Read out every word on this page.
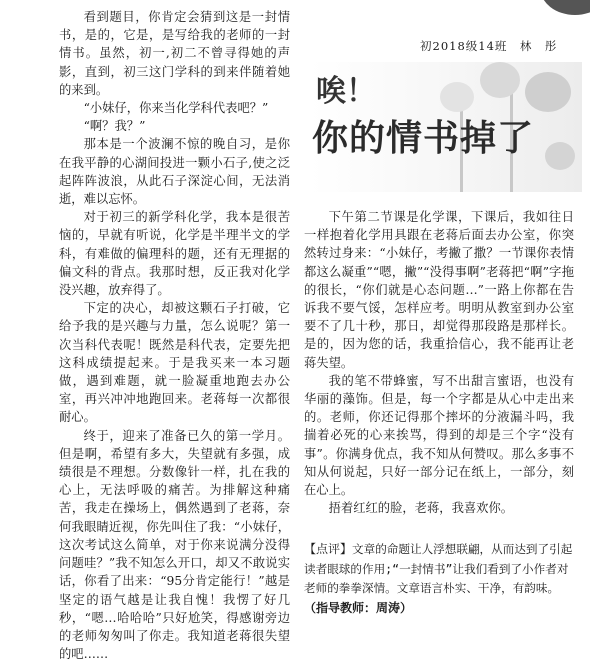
看到题目，你肯定会猜到这是一封情书，是的，它是，是写给我的老师的一封情书。虽然，初一,初二不曾寻得她的声影，直到，初三这门学科的到来伴随着她的来到。

“小妹仔，你来当化学科代表吧？”

“啊？我？”

那本是一个波澜不惊的晚自习，是你在我平静的心湖间投进一颗小石子,使之泛起阵阵波浪，从此石子深淀心间，无法消逝，难以忘怀。

对于初三的新学科化学，我本是很苦恼的，早就有听说，化学是半理半文的学科，有难做的偏理科的题，还有无理据的偏文科的背点。我那时想，反正我对化学没兴趣，放弃得了。

下定的决心，却被这颗石子打破，它给予我的是兴趣与力量，怎么说呢？第一次当科代表呢！既然是科代表，定要先把这科成绩提起来。于是我买来一本习题做，遇到难题，就一脸凝重地跑去办公室，再兴冲冲地跑回来。老蒋每一次都很耐心。

终于，迎来了准备已久的第一学月。但是啊，希望有多大，失望就有多强，成绩很是不理想。分数像针一样，扎在我的心上，无法呼吸的痛苦。为排解这种痛苦，我走在操场上，偶然遇到了老蒋，奈何我眼睛近视，你先叫住了我：“小妹仔，这次考试这么简单，对于你来说满分没得问题哇？”我不知怎么开口，却又不敢说实话，你看了出来：“95分肯定能行！”越是坚定的语气越是让我自愧！我愣了好几秒，“嗯…哈哈哈”只好尬笑，得感谢旁边的老师匆匆叫了你走。我知道老蒋很失望的吧……

初2018级14班　林　彤
唉！
你的情书掉了

下午第二节课是化学课，下课后，我如往日一样抱着化学用具跟在老蒋后面去办公室，你突然转过身来：“小妹仔，考撇了撒？一节课你表情都这么凝重”“嗯，撇”“没得事啊”老蒋把“啊”字拖的很长，“你们就是心态问题…”一路上你都在告诉我不要气馁，怎样应考。明明从教室到办公室要不了几十秒，那日，却觉得那段路是那样长。是的，因为您的话，我重拾信心，我不能再让老蒋失望。

我的笔不带蜂蜜，写不出甜言蜜语，也没有华丽的藻饰。但是，每一个字都是从心中走出来的。老师，你还记得那个摔坏的分液漏斗吗，我揣着必死的心来挨骂，得到的却是三个字“没有事”。你满身优点，我不知从何赞叹。那么多事不知从何说起，只好一部分记在纸上，一部分，刻在心上。

捂着红红的脸，老蒋，我喜欢你。

【点评】文章的命题让人浮想联翩，从而达到了引起读者眼球的作用;“一封情书”让我们看到了小作者对老师的拳拳深情。文章语言朴实、干净，有韵味。（指导教师：周涛）
